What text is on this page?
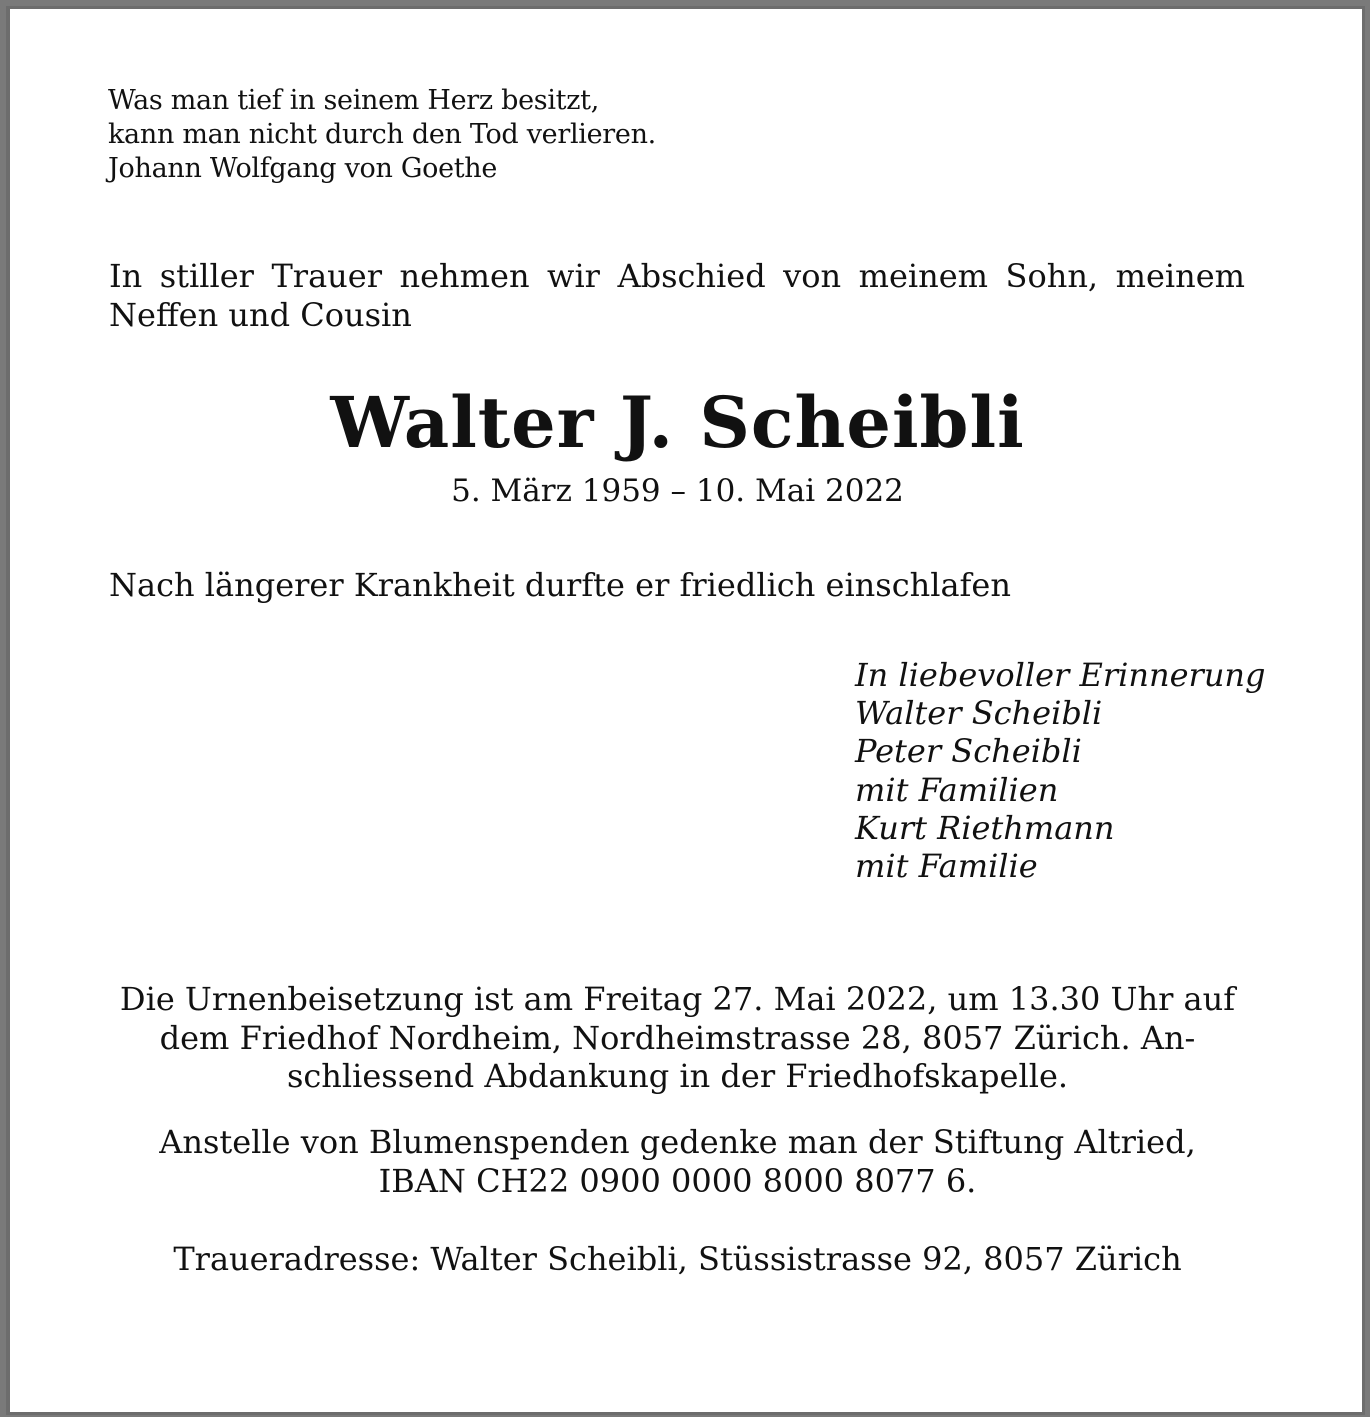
Was man tief in seinem Herz besitzt,
kann man nicht durch den Tod verlieren.
Johann Wolfgang von Goethe
In stiller Trauer nehmen wir Abschied von meinem Sohn, meinem Neffen und Cousin
Walter J. Scheibli
5. März 1959 – 10. Mai 2022
Nach längerer Krankheit durfte er friedlich einschlafen
In liebevoller Erinnerung
Walter Scheibli
Peter Scheibli
mit Familien
Kurt Riethmann
mit Familie
Die Urnenbeisetzung ist am Freitag 27. Mai 2022, um 13.30 Uhr auf
dem Friedhof Nordheim, Nordheimstrasse 28, 8057 Zürich. An-
schliessend Abdankung in der Friedhofskapelle.
Anstelle von Blumenspenden gedenke man der Stiftung Altried,
IBAN CH22 0900 0000 8000 8077 6.
Traueradresse: Walter Scheibli, Stüssistrasse 92, 8057 Zürich
